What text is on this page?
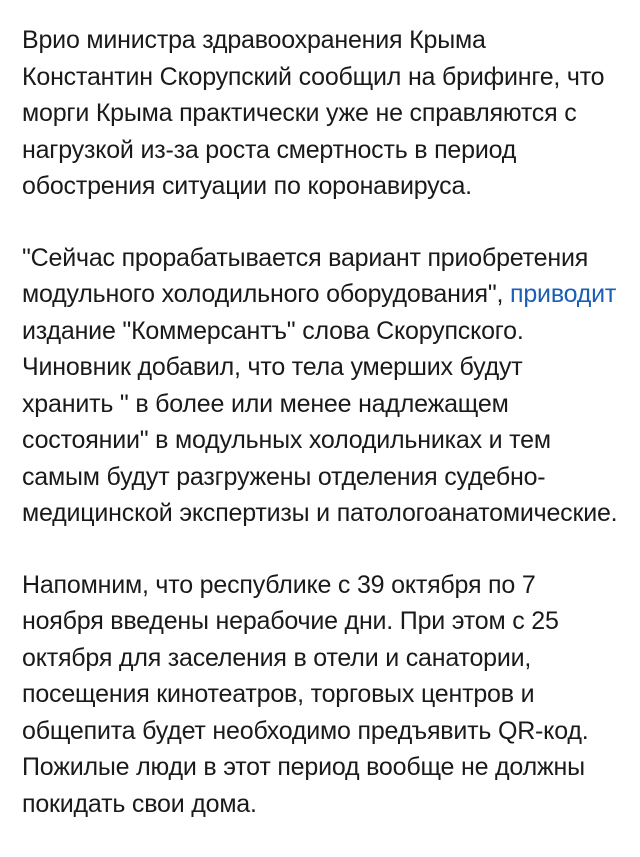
Врио министра здравоохранения Крыма Константин Скорупский сообщил на брифинге, что морги Крыма практически уже не справляются с нагрузкой из-за роста смертность в период обострения ситуации по коронавируса.

"Сейчас прорабатывается вариант приобретения модульного холодильного оборудования", приводит издание "Коммерсантъ" слова Скорупского. Чиновник добавил, что тела умерших будут хранить " в более или менее надлежащем состоянии" в модульных холодильниках и тем самым будут разгружены отделения судебно-медицинской экспертизы и патологоанатомические.

Напомним, что республике с 39 октября по 7 ноября введены нерабочие дни. При этом с 25 октября для заселения в отели и санатории, посещения кинотеатров, торговых центров и общепита будет необходимо предъявить QR-код. Пожилые люди в этот период вообще не должны покидать свои дома.
